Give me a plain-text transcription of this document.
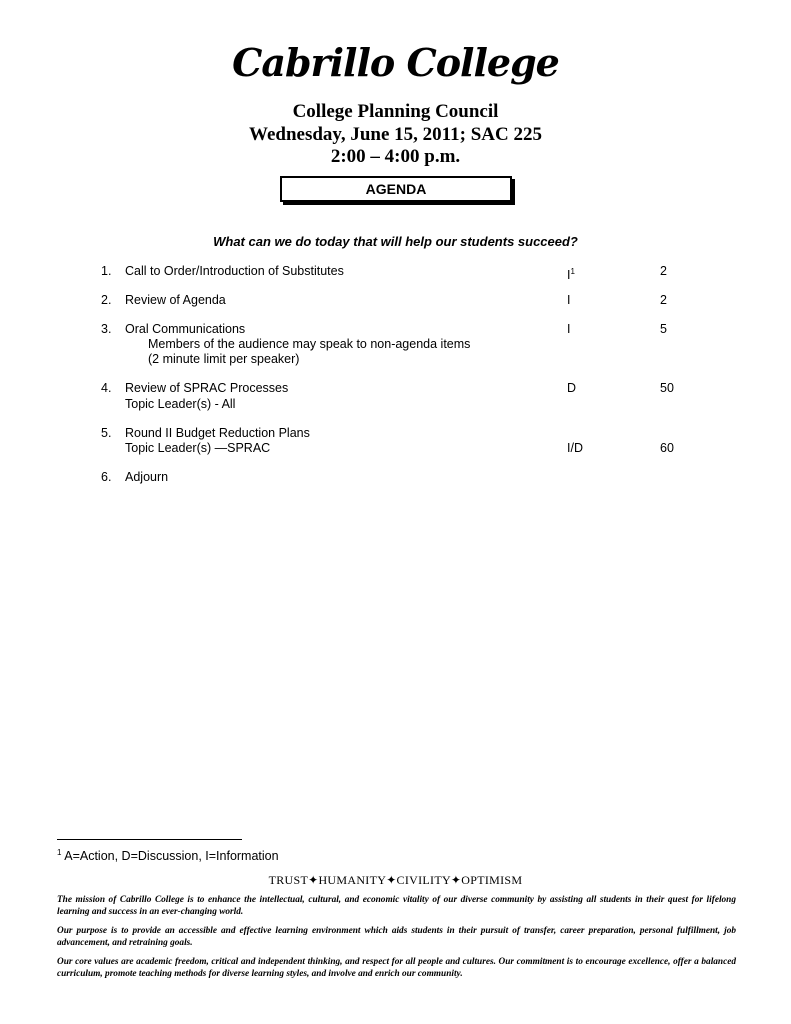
Cabrillo College
College Planning Council
Wednesday, June 15, 2011; SAC 225
2:00 – 4:00 p.m.
AGENDA
What can we do today that will help our students succeed?
1. Call to Order/Introduction of Substitutes	$I^1$	2
2. Review of Agenda	I	2
3. Oral Communications	I	5
Members of the audience may speak to non-agenda items
(2 minute limit per speaker)
4. Review of SPRAC Processes	D	50
Topic Leader(s) - All
5. Round II Budget Reduction Plans
Topic Leader(s) —SPRAC	I/D	60
6. Adjourn
$^1$ A=Action, D=Discussion, I=Information
TRUST✦HUMANITY✦CIVILITY✦OPTIMISM
The mission of Cabrillo College is to enhance the intellectual, cultural, and economic vitality of our diverse community by assisting all students in their quest for lifelong learning and success in an ever-changing world.
Our purpose is to provide an accessible and effective learning environment which aids students in their pursuit of transfer, career preparation, personal fulfillment, job advancement, and retraining goals.
Our core values are academic freedom, critical and independent thinking, and respect for all people and cultures. Our commitment is to encourage excellence, offer a balanced curriculum, promote teaching methods for diverse learning styles, and involve and enrich our community.
